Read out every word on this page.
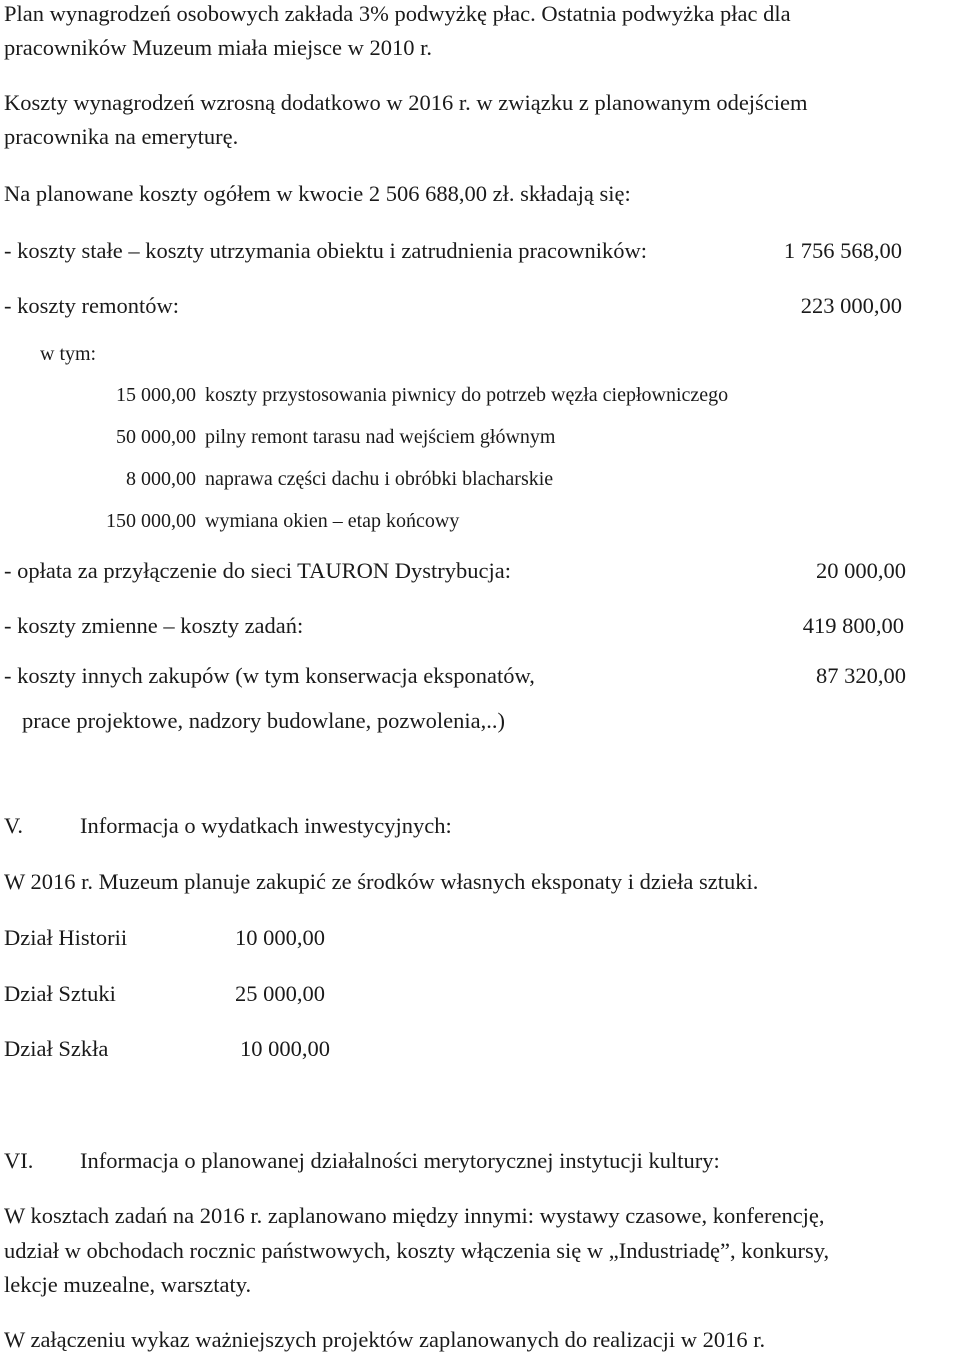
Plan wynagrodzeń osobowych zakłada 3% podwyżkę płac. Ostatnia podwyżka płac dla
pracowników Muzeum miała miejsce w 2010 r.
Koszty wynagrodzeń wzrosną dodatkowo w 2016 r. w związku z planowanym odejściem
pracownika na emeryturę.
Na planowane koszty ogółem w kwocie 2 506 688,00 zł. składają się:
- koszty stałe – koszty utrzymania obiektu i zatrudnienia pracowników:	1 756 568,00
- koszty remontów:	223 000,00
w tym:
15 000,00 koszty przystosowania piwnicy do potrzeb węzła ciepłowniczego
50 000,00 pilny remont tarasu nad wejściem głównym
8 000,00 naprawa części dachu i obróbki blacharskie
150 000,00 wymiana okien – etap końcowy
- opłata za przyłączenie do sieci TAURON Dystrybucja:	20 000,00
- koszty zmienne – koszty zadań:	419 800,00
- koszty innych zakupów (w tym konserwacja eksponatów,	87 320,00
prace projektowe, nadzory budowlane, pozwolenia,..)
V.	Informacja o wydatkach inwestycyjnych:
W 2016 r. Muzeum planuje zakupić ze środków własnych eksponaty i dzieła sztuki.
Dział Historii	10 000,00
Dział Sztuki	25 000,00
Dział Szkła	10 000,00
VI. Informacja o planowanej działalności merytorycznej instytucji kultury:
W kosztach zadań na 2016 r. zaplanowano między innymi: wystawy czasowe, konferencję,
udział w obchodach rocznic państwowych, koszty włączenia się w „Industriadę”, konkursy,
lekcje muzealne, warsztaty.
W załączeniu wykaz ważniejszych projektów zaplanowanych do realizacji w 2016 r.
